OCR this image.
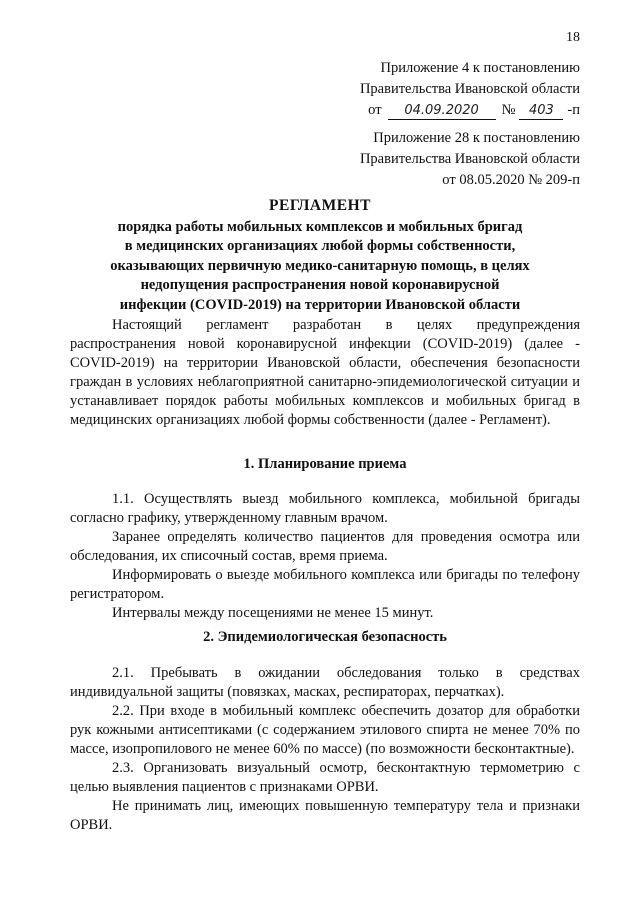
18
Приложение 4 к постановлению
Правительства Ивановской области
от 04.09.2020 № 403 -п
Приложение 28 к постановлению
Правительства Ивановской области
от 08.05.2020 № 209-п
РЕГЛАМЕНТ
порядка работы мобильных комплексов и мобильных бригад
в медицинских организациях любой формы собственности,
оказывающих первичную медико-санитарную помощь, в целях
недопущения распространения новой коронавирусной
инфекции (COVID-2019) на территории Ивановской области

Настоящий регламент разработан в целях предупреждения распространения новой коронавирусной инфекции (COVID-2019) (далее - COVID-2019) на территории Ивановской области, обеспечения безопасности граждан в условиях неблагоприятной санитарно-эпидемиологической ситуации и устанавливает порядок работы мобильных комплексов и мобильных бригад в медицинских организациях любой формы собственности (далее - Регламент).

1. Планирование приема

1.1. Осуществлять выезд мобильного комплекса, мобильной бригады согласно графику, утвержденному главным врачом.

Заранее определять количество пациентов для проведения осмотра или обследования, их списочный состав, время приема.

Информировать о выезде мобильного комплекса или бригады по телефону регистратором.

Интервалы между посещениями не менее 15 минут.

2. Эпидемиологическая безопасность

2.1. Пребывать в ожидании обследования только в средствах индивидуальной защиты (повязках, масках, респираторах, перчатках).

2.2. При входе в мобильный комплекс обеспечить дозатор для обработки рук кожными антисептиками (с содержанием этилового спирта не менее 70% по массе, изопропилового не менее 60% по массе) (по возможности бесконтактные).

2.3. Организовать визуальный осмотр, бесконтактную термометрию с целью выявления пациентов с признаками ОРВИ.

Не принимать лиц, имеющих повышенную температуру тела и признаки ОРВИ.
